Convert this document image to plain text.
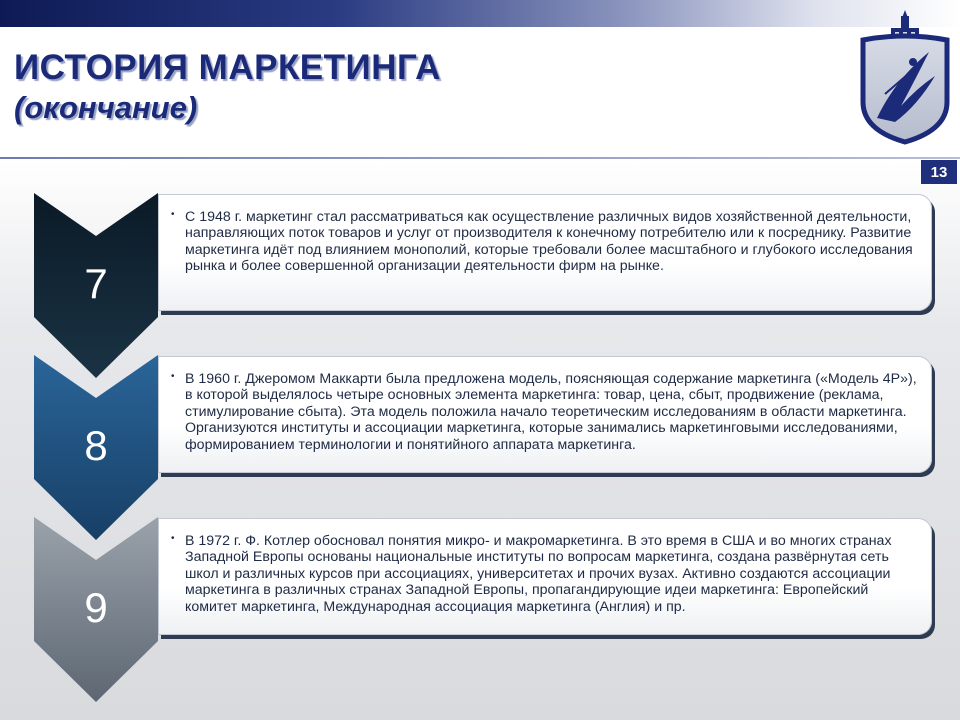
ИСТОРИЯ МАРКЕТИНГА
(окончание)
13
7
8
9
• С 1948 г. маркетинг стал рассматриваться как осуществление различных видов хозяйственной деятельности, направляющих поток товаров и услуг от производителя к конечному потребителю или к посреднику. Развитие маркетинга идёт под влиянием монополий, которые требовали более масштабного и глубокого исследования рынка и более совершенной организации деятельности фирм на рынке.
• В 1960 г. Джеромом Маккарти была предложена модель, поясняющая содержание маркетинга («Модель 4P»), в которой выделялось четыре основных элемента маркетинга: товар, цена, сбыт, продвижение (реклама, стимулирование сбыта). Эта модель положила начало теоретическим исследованиям в области маркетинга. Организуются институты и ассоциации маркетинга, которые занимались маркетинговыми исследованиями, формированием терминологии и понятийного аппарата маркетинга.
• В 1972 г. Ф. Котлер обосновал понятия микро- и макромаркетинга. В это время в США и во многих странах Западной Европы основаны национальные институты по вопросам маркетинга, создана развёрнутая сеть школ и различных курсов при ассоциациях, университетах и прочих вузах. Активно создаются ассоциации маркетинга в различных странах Западной Европы, пропагандирующие идеи маркетинга: Европейский комитет маркетинга, Международная ассоциация маркетинга (Англия) и пр.
